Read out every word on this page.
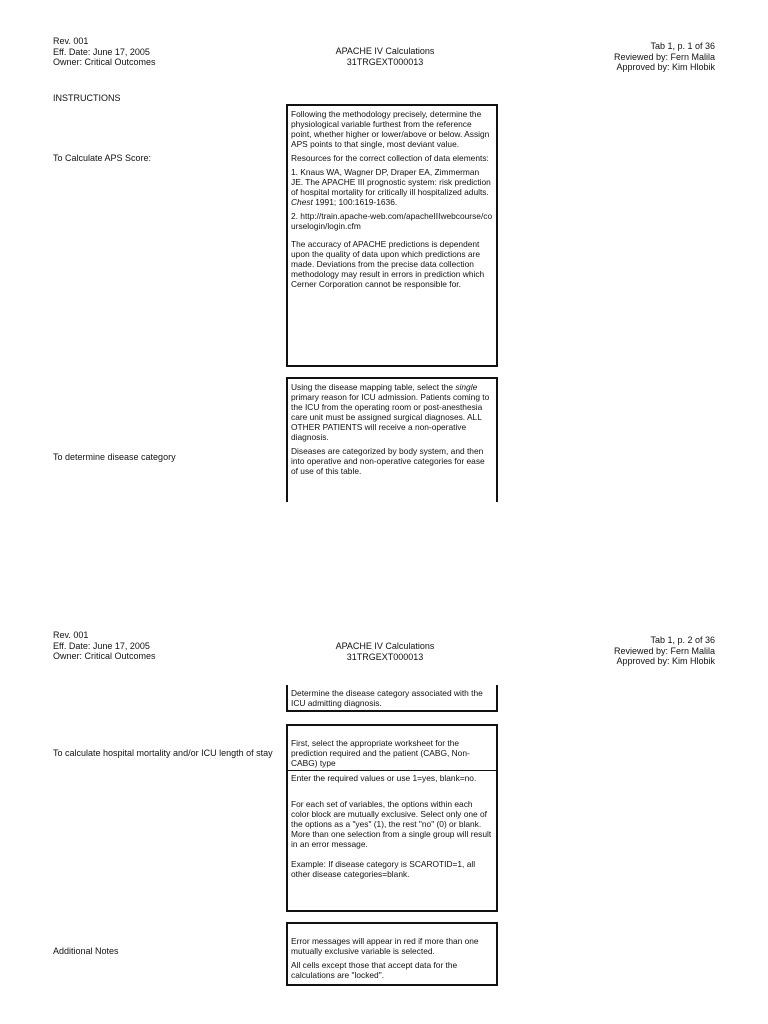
Rev. 001
Eff. Date: June 17, 2005
Owner: Critical Outcomes
APACHE IV Calculations
31TRGEXT000013
Tab 1, p. 1 of 36
Reviewed by: Fern Malila
Approved by: Kim Hlobik
INSTRUCTIONS
To Calculate APS Score:

Following the methodology precisely, determine the physiological variable furthest from the reference point, whether higher or lower/above or below. Assign APS points to that single, most deviant value.

Resources for the correct collection of data elements:

1. Knaus WA, Wagner DP, Draper EA, Zimmerman JE. The APACHE III prognostic system: risk prediction of hospital mortality for critically ill hospitalized adults. Chest 1991; 100:1619-1636.

2. http://train.apache-web.com/apacheIIIwebcourse/courselogin/login.cfm

The accuracy of APACHE predictions is dependent upon the quality of data upon which predictions are made. Deviations from the precise data collection methodology may result in errors in prediction which Cerner Corporation cannot be responsible for.

To determine disease category

Using the disease mapping table, select the single primary reason for ICU admission. Patients coming to the ICU from the operating room or post-anesthesia care unit must be assigned surgical diagnoses. ALL OTHER PATIENTS will receive a non-operative diagnosis.

Diseases are categorized by body system, and then into operative and non-operative categories for ease of use of this table.

Rev. 001
Eff. Date: June 17, 2005
Owner: Critical Outcomes
APACHE IV Calculations
31TRGEXT000013
Tab 1, p. 2 of 36
Reviewed by: Fern Malila
Approved by: Kim Hlobik

Determine the disease category associated with the ICU admitting diagnosis.

To calculate hospital mortality and/or ICU length of stay

First, select the appropriate worksheet for the prediction required and the patient (CABG, Non-CABG) type

Enter the required values or use 1=yes, blank=no.

For each set of variables, the options within each color block are mutually exclusive. Select only one of the options as a "yes" (1), the rest "no" (0) or blank. More than one selection from a single group will result in an error message.

Example: If disease category is SCAROTID=1, all other disease categories=blank.

Additional Notes

Error messages will appear in red if more than one mutually exclusive variable is selected.

All cells except those that accept data for the calculations are "locked".
